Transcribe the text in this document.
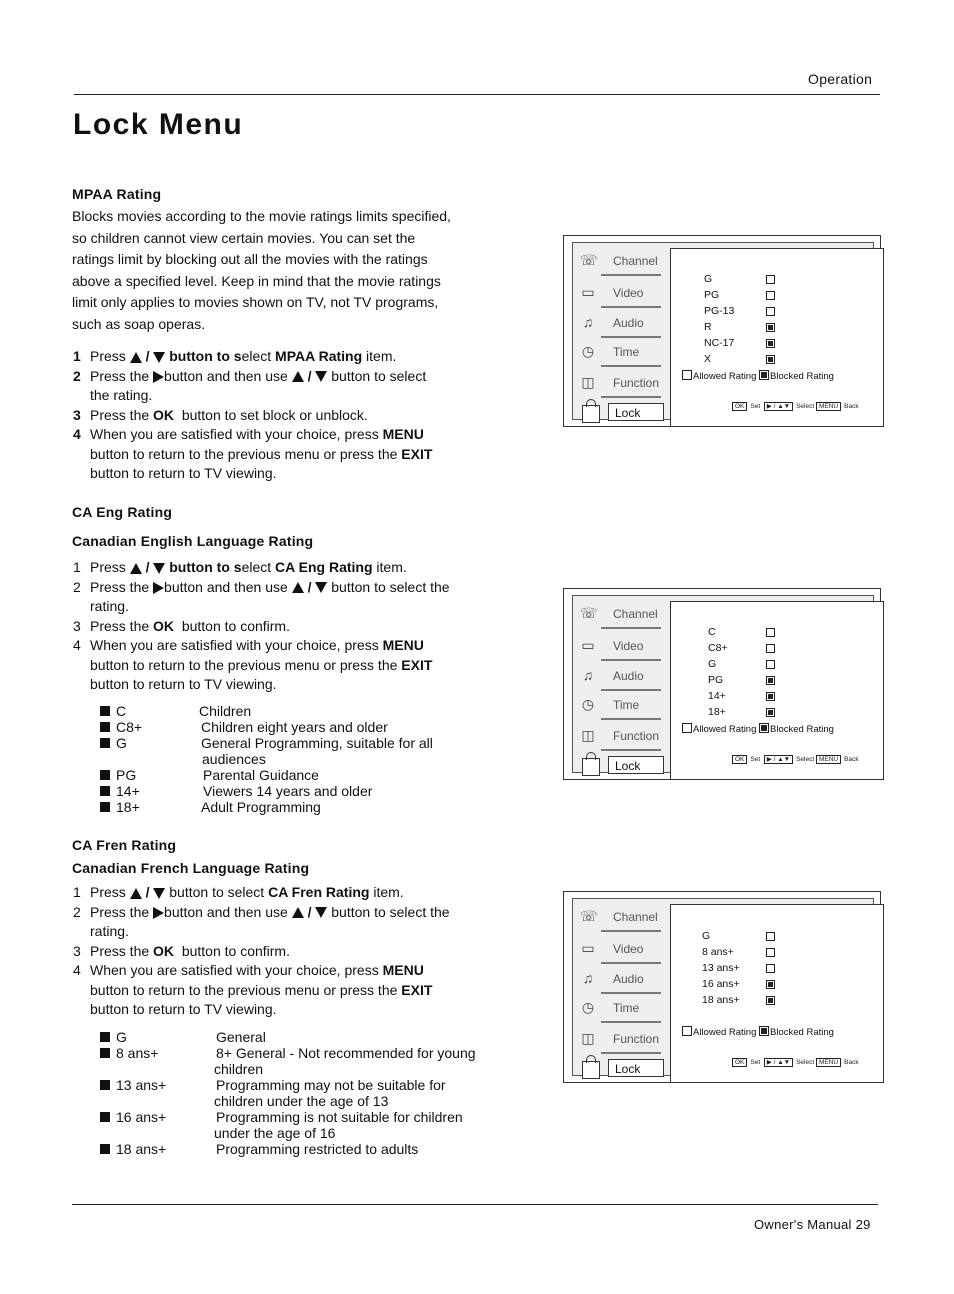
Operation
Lock Menu
MPAA Rating
Blocks movies according to the movie ratings limits specified,
so children cannot view certain movies. You can set the
ratings limit by blocking out all the movies with the ratings
above a specified level. Keep in mind that the movie ratings
limit only applies to movies shown on TV, not TV programs,
such as soap operas.
1 Press / button to select MPAA Rating item.
2 Press the button and then use / button to select
the rating.
3 Press the OK button to set block or unblock.
4 When you are satisfied with your choice, press MENU
button to return to the previous menu or press the EXIT
button to return to TV viewing.
CA Eng Rating
Canadian English Language Rating
1 Press / button to select CA Eng Rating item.
2 Press the button and then use / button to select the
rating.
3 Press the OK button to confirm.
4 When you are satisfied with your choice, press MENU
button to return to the previous menu or press the EXIT
button to return to TV viewing.
C	Children
C8+	Children eight years and older
G	General Programming, suitable for all
audiences
PG	Parental Guidance
14+	Viewers 14 years and older
18+	Adult Programming
CA Fren Rating
Canadian French Language Rating
1 Press / button to select CA Fren Rating item.
2 Press the button and then use / button to select the
rating.
3 Press the OK button to confirm.
4 When you are satisfied with your choice, press MENU
button to return to the previous menu or press the EXIT
button to return to TV viewing.
G	General
8 ans+	8+ General - Not recommended for young
children
13 ans+	Programming may not be suitable for
children under the age of 13
16 ans+	Programming is not suitable for children
under the age of 16
18 ans+	Programming restricted to adults
☏ Channel
▭ Video
♫ Audio
◷ Time
◫ Function
Lock
G
PG
PG-13
R
NC-17
X
Allowed Rating Blocked Rating
OK Set ▶ / ▲▼ Select MENU Back
☏ Channel
▭ Video
♫ Audio
◷ Time
◫ Function
Lock
C
C8+
G
PG
14+
18+
Allowed Rating Blocked Rating
OK Set ▶ / ▲▼ Select MENU Back
☏ Channel
▭ Video
♫ Audio
◷ Time
◫ Function
Lock
G
8 ans+
13 ans+
16 ans+
18 ans+
Allowed Rating Blocked Rating
OK Set ▶ / ▲▼ Select MENU Back
Owner's Manual 29
